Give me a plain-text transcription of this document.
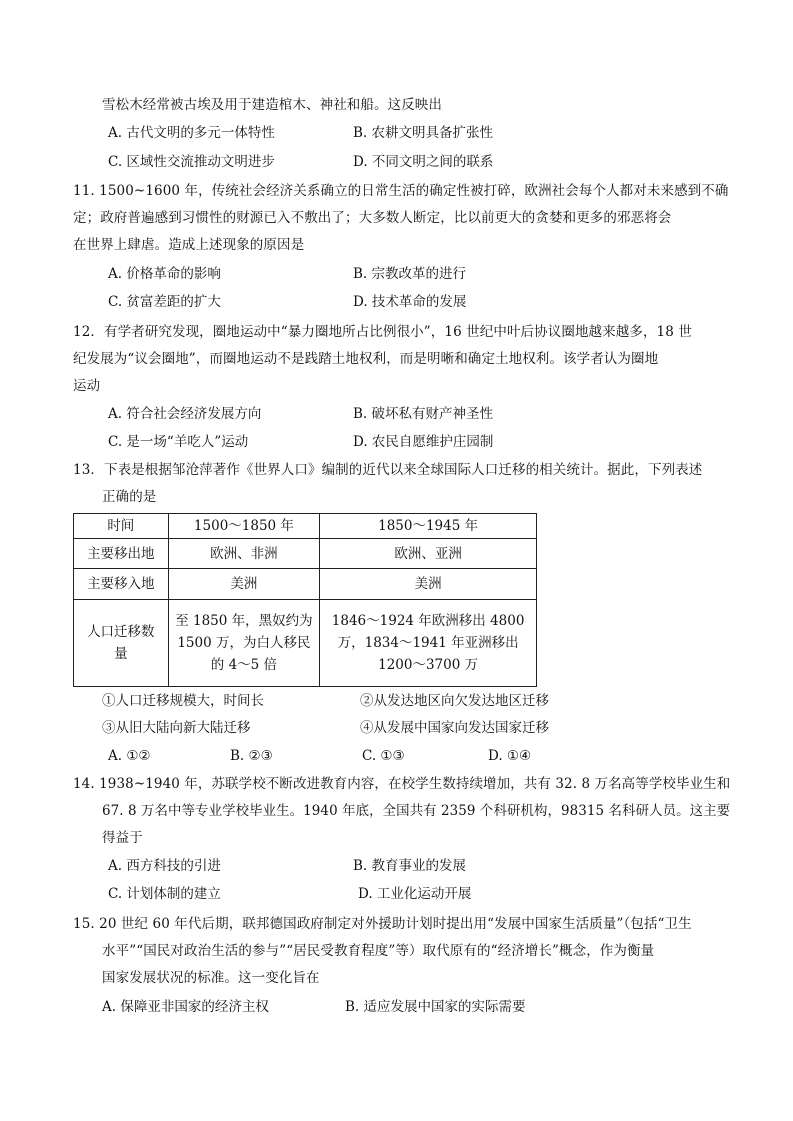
雪松木经常被古埃及用于建造棺木、神社和船。这反映出
A. 古代文明的多元一体特性	B. 农耕文明具备扩张性
C. 区域性交流推动文明进步	D. 不同文明之间的联系
11. 1500~1600 年，传统社会经济关系确立的日常生活的确定性被打碎，欧洲社会每个人都对未来感到不确
定；政府普遍感到习惯性的财源已入不敷出了；大多数人断定，比以前更大的贪婪和更多的邪恶将会
在世界上肆虐。造成上述现象的原因是
A. 价格革命的影响	B. 宗教改革的进行
C. 贫富差距的扩大	D. 技术革命的发展
12．有学者研究发现，圈地运动中“暴力圈地所占比例很小”，16 世纪中叶后协议圈地越来越多，18 世
纪发展为“议会圈地”，而圈地运动不是践踏土地权利，而是明晰和确定土地权利。该学者认为圈地
运动
A. 符合社会经济发展方向	B. 破坏私有财产神圣性
C. 是一场“羊吃人”运动	D. 农民自愿维护庄园制
13．下表是根据邹沧萍著作《世界人口》编制的近代以来全球国际人口迁移的相关统计。据此，下列表述
正确的是
时间	1500～1850 年	1850～1945 年
主要移出地	欧洲、非洲	欧洲、亚洲
主要移入地	美洲	美洲

人口迁移数量	至 1850 年，黑奴约为 1500 万，为白人移民的 4～5 倍	1846～1924 年欧洲移出 4800 万，1834～1941 年亚洲移出 1200～3700 万
①人口迁移规模大，时间长	②从发达地区向欠发达地区迁移
③从旧大陆向新大陆迁移	④从发展中国家向发达国家迁移
A. ①②	B. ②③	C. ①③	D. ①④
14. 1938~1940 年，苏联学校不断改进教育内容，在校学生数持续增加，共有 32. 8 万名高等学校毕业生和
67. 8 万名中等专业学校毕业生。1940 年底，全国共有 2359 个科研机构，98315 名科研人员。这主要
得益于
A. 西方科技的引进	B. 教育事业的发展
C. 计划体制的建立	D. 工业化运动开展
15. 20 世纪 60 年代后期，联邦德国政府制定对外援助计划时提出用“发展中国家生活质量”（包括“卫生
水平”“国民对政治生活的参与”“居民受教育程度”等）取代原有的“经济增长”概念，作为衡量
国家发展状况的标准。这一变化旨在
A. 保障亚非国家的经济主权	B. 适应发展中国家的实际需要
